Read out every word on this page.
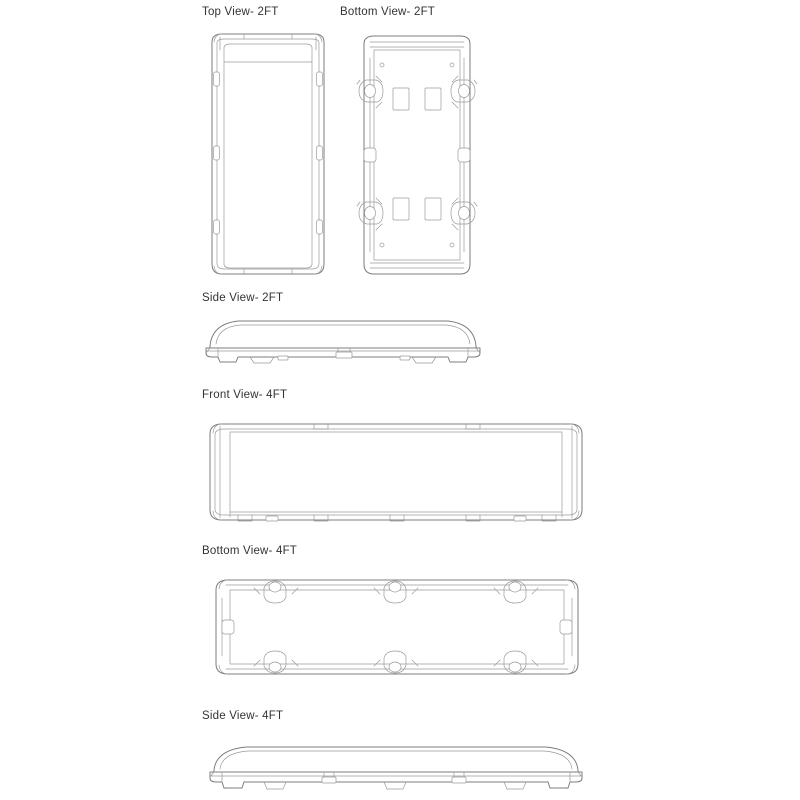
Top View- 2FT	Bottom View- 2FT
Side View- 2FT
Front View- 4FT
Bottom View- 4FT
Side View- 4FT
